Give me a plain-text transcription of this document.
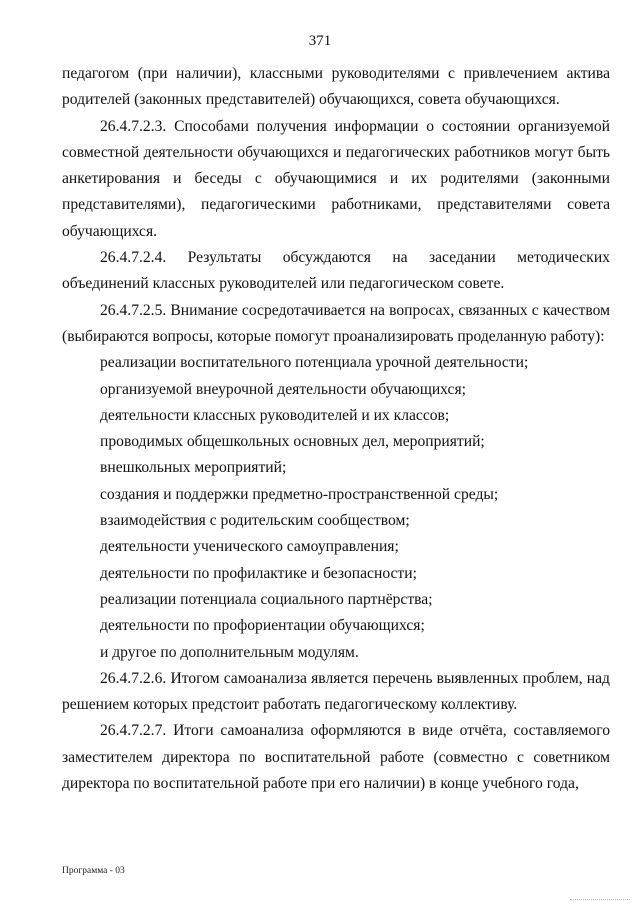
371

педагогом (при наличии), классными руководителями с привлечением актива родителей (законных представителей) обучающихся, совета обучающихся.

26.4.7.2.3. Способами получения информации о состоянии организуемой совместной деятельности обучающихся и педагогических работников могут быть анкетирования и беседы с обучающимися и их родителями (законными представителями), педагогическими работниками, представителями совета обучающихся.

26.4.7.2.4. Результаты обсуждаются на заседании методических объединений классных руководителей или педагогическом совете.

26.4.7.2.5. Внимание сосредотачивается на вопросах, связанных с качеством (выбираются вопросы, которые помогут проанализировать проделанную работу):

реализации воспитательного потенциала урочной деятельности;

организуемой внеурочной деятельности обучающихся;

деятельности классных руководителей и их классов;

проводимых общешкольных основных дел, мероприятий;

внешкольных мероприятий;

создания и поддержки предметно-пространственной среды;

взаимодействия с родительским сообществом;

деятельности ученического самоуправления;

деятельности по профилактике и безопасности;

реализации потенциала социального партнёрства;

деятельности по профориентации обучающихся;

и другое по дополнительным модулям.

26.4.7.2.6. Итогом самоанализа является перечень выявленных проблем, над решением которых предстоит работать педагогическому коллективу.

26.4.7.2.7. Итоги самоанализа оформляются в виде отчёта, составляемого заместителем директора по воспитательной работе (совместно с советником директора по воспитательной работе при его наличии) в конце учебного года,

Программа - 03
